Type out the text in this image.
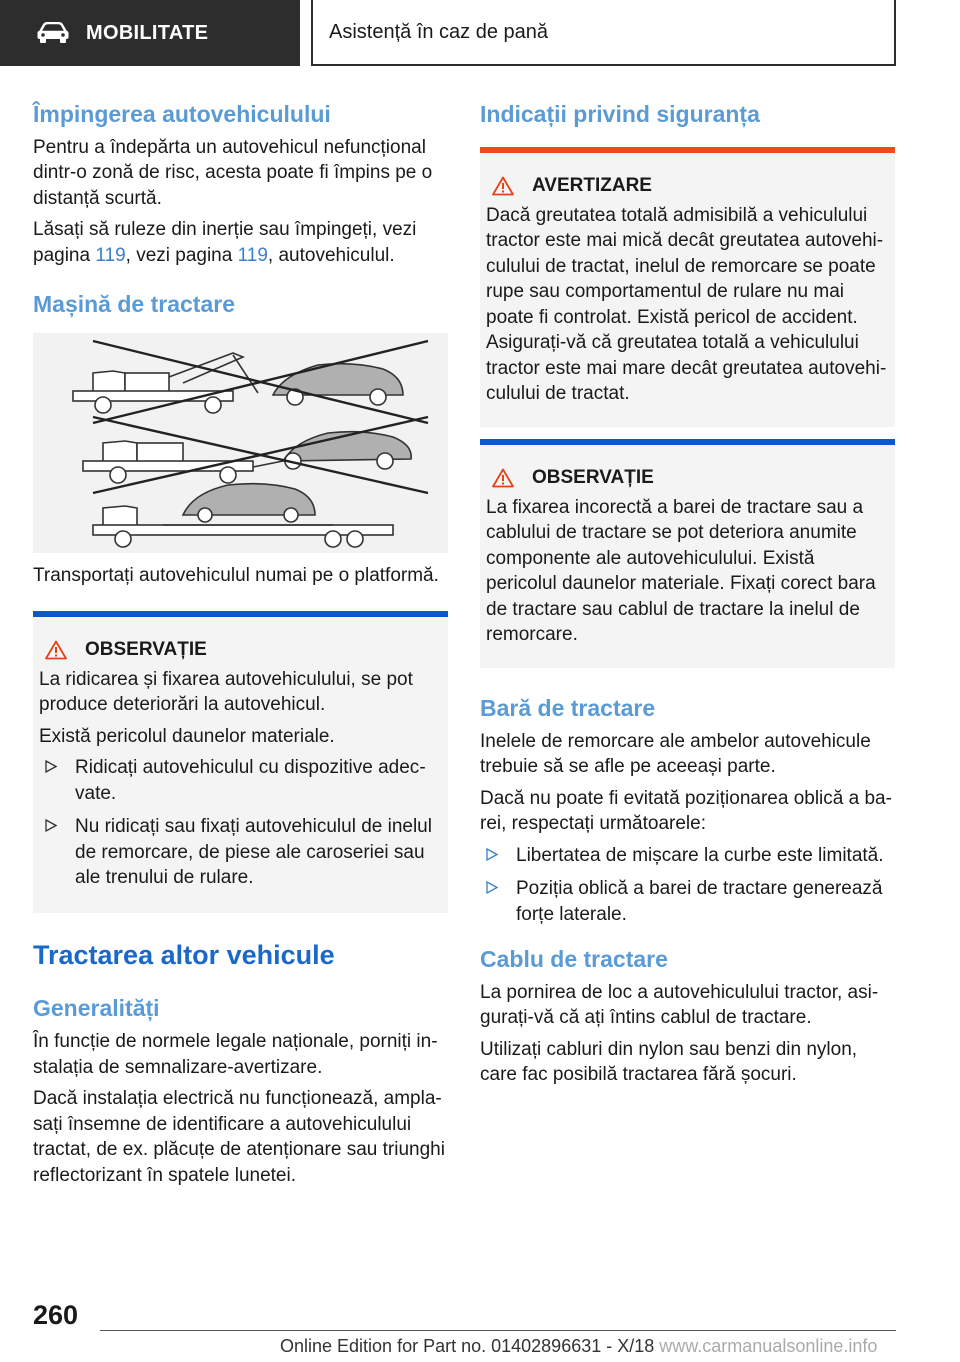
MOBILITATE	Asistență în caz de pană
Împingerea autovehiculului

Pentru a îndepărta un autovehicul nefuncțional dintr-o zonă de risc, acesta poate fi împins pe o distanță scurtă.

Lăsați să ruleze din inerție sau împingeți, vezi pagina 119, vezi pagina 119, autovehiculul.

Mașină de tractare

Transportați autovehiculul numai pe o platformă.

OBSERVAȚIE

La ridicarea și fixarea autovehiculului, se pot produce deteriorări la autovehicul.

Există pericolul daunelor materiale.

Ridicați autovehiculul cu dispozitive adecvate.
Nu ridicați sau fixați autovehiculul de inelul de remorcare, de piese ale caroseriei sau ale trenului de rulare.
Tractarea altor vehicule
Generalități

În funcție de normele legale naționale, porniți instalația de semnalizare-avertizare.

Dacă instalația electrică nu funcționează, amplasați însemne de identificare a autovehiculului tractat, de ex. plăcuțe de atenționare sau triunghi reflectorizant în spatele lunetei.

Indicații privind siguranța
AVERTIZARE

Dacă greutatea totală admisibilă a vehiculului tractor este mai mică decât greutatea autovehiculului de tractat, inelul de remorcare se poate rupe sau comportamentul de rulare nu mai poate fi controlat. Există pericol de accident. Asigurați-vă că greutatea totală a vehiculului tractor este mai mare decât greutatea autovehiculului de tractat.

OBSERVAȚIE

La fixarea incorectă a barei de tractare sau a cablului de tractare se pot deteriora anumite componente ale autovehiculului. Există pericolul daunelor materiale. Fixați corect bara de tractare sau cablul de tractare la inelul de remorcare.

Bară de tractare

Inelele de remorcare ale ambelor autovehicule trebuie să se afle pe aceeași parte.

Dacă nu poate fi evitată poziționarea oblică a barei, respectați următoarele:

Libertatea de mișcare la curbe este limitată.
Poziția oblică a barei de tractare generează forțe laterale.
Cablu de tractare

La pornirea de loc a autovehiculului tractor, asigurați-vă că ați întins cablul de tractare.

Utilizați cabluri din nylon sau benzi din nylon, care fac posibilă tractarea fără șocuri.

260
Online Edition for Part no. 01402896631 - X/18 www.carmanualsonline.info
